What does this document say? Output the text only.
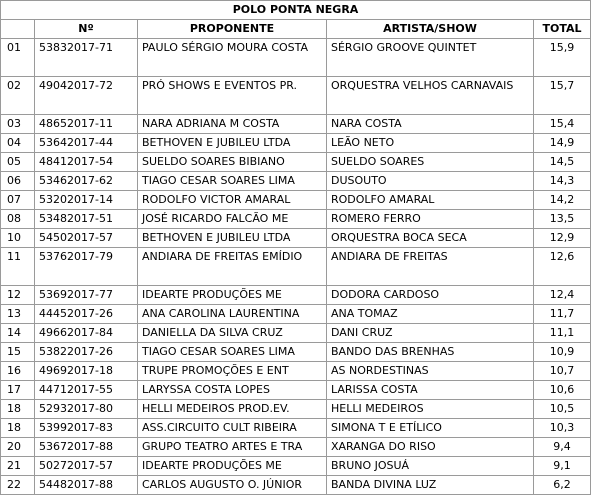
POLO PONTA NEGRA				
	Nº	PROPONENTE	ARTISTA/SHOW	TOTAL
01	53832017-71	PAULO SÉRGIO MOURA COSTA	SÉRGIO GROOVE QUINTET	15,9
02	49042017-72	PRÓ SHOWS E EVENTOS PR.	ORQUESTRA VELHOS CARNAVAIS	15,7
03	48652017-11	NARA ADRIANA M COSTA	NARA COSTA	15,4
04	53642017-44	BETHOVEN E JUBILEU LTDA	LEÃO NETO	14,9
05	48412017-54	SUELDO SOARES BIBIANO	SUELDO SOARES	14,5
06	53462017-62	TIAGO CESAR SOARES LIMA	DUSOUTO	14,3
07	53202017-14	RODOLFO VICTOR AMARAL	RODOLFO AMARAL	14,2
08	53482017-51	JOSÉ RICARDO FALCÃO ME	ROMERO FERRO	13,5
10	54502017-57	BETHOVEN E JUBILEU LTDA	ORQUESTRA BOCA SECA	12,9
11	53762017-79	ANDIARA DE FREITAS EMÍDIO	ANDIARA DE FREITAS	12,6
12	53692017-77	IDEARTE PRODUÇÕES ME	DODORA CARDOSO	12,4
13	44452017-26	ANA CAROLINA LAURENTINA	ANA TOMAZ	11,7
14	49662017-84	DANIELLA DA SILVA CRUZ	DANI CRUZ	11,1
15	53822017-26	TIAGO CESAR SOARES LIMA	BANDO DAS BRENHAS	10,9
16	49692017-18	TRUPE PROMOÇÕES E ENT	AS NORDESTINAS	10,7
17	44712017-55	LARYSSA COSTA LOPES	LARISSA COSTA	10,6
18	52932017-80	HELLI MEDEIROS PROD.EV.	HELLI MEDEIROS	10,5
18	53992017-83	ASS.CIRCUITO CULT RIBEIRA	SIMONA T E ETÍLICO	10,3
20	53672017-88	GRUPO TEATRO ARTES E TRA	XARANGA DO RISO	9,4
21	50272017-57	IDEARTE PRODUÇÕES ME	BRUNO JOSUÁ	9,1
22	54482017-88	CARLOS AUGUSTO O. JÚNIOR	BANDA DIVINA LUZ	6,2
